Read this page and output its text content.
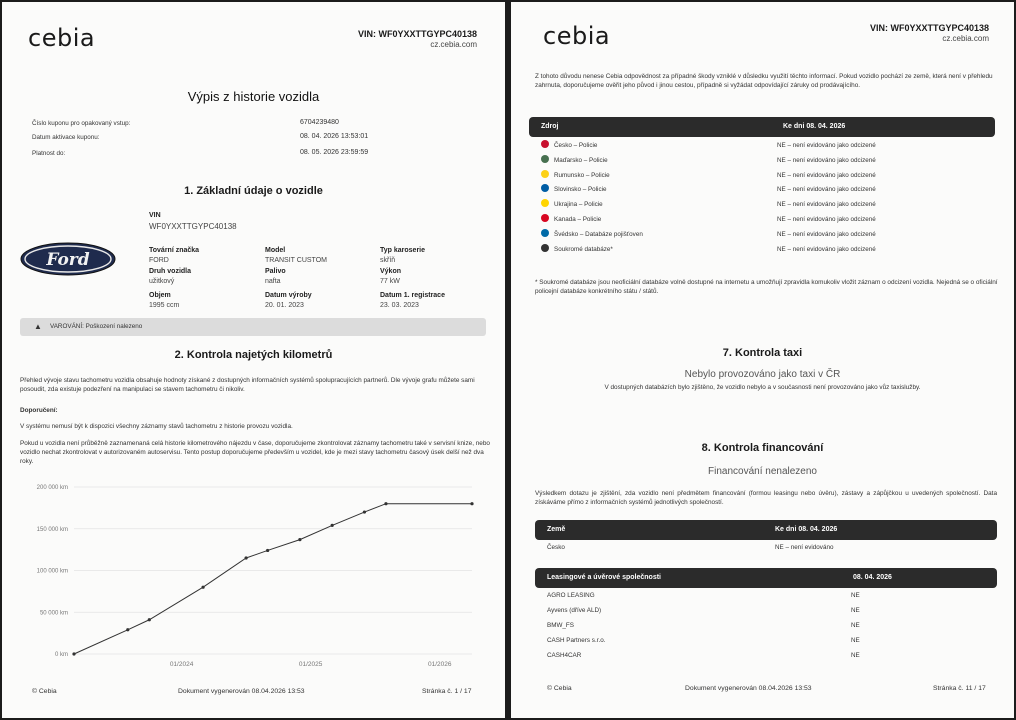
cebia	VIN: WF0YXXTTGYPC40138
cz.cebia.com
Výpis z historie vozidla
Číslo kuponu pro opakovaný vstup:	6704239480
Datum aktivace kuponu:	08. 04. 2026 13:53:01
Platnost do:	08. 05. 2026 23:59:59
1. Základní údaje o vozidle
VIN
WF0YXXTTGYPC40138
Ford	Tovární značka
FORD
Model
TRANSIT CUSTOM
Typ karoserie
skříň
Druh vozidla
užitkový
Palivo
nafta
Výkon
77 kW
Objem
1995 ccm
Datum výroby
20. 01. 2023
Datum 1. registrace
23. 03. 2023
▲ VAROVÁNÍ: Poškození nalezeno
2. Kontrola najetých kilometrů
Přehled vývoje stavu tachometru vozidla obsahuje hodnoty získané z dostupných informačních systémů spolupracujících partnerů. Dle vývoje grafu můžete sami posoudit, zda existuje podezření na manipulaci se stavem tachometru či nikoliv.
Doporučení:
V systému nemusí být k dispozici všechny záznamy stavů tachometru z historie provozu vozidla.
Pokud u vozidla není průběžně zaznamenaná celá historie kilometrového nájezdu v čase, doporučujeme zkontrolovat záznamy tachometru také v servisní knize, nebo vozidlo nechat zkontrolovat v autorizovaném autoservisu. Tento postup doporučujeme především u vozidel, kde je mezi stavy tachometru časový úsek delší než dva roky.
200 000 km
150 000 km
100 000 km
50 000 km
0 km
01/2024	01/2025	01/2026
© Cebia	Dokument vygenerován 08.04.2026 13:53	Stránka č. 1 / 17
cebia	VIN: WF0YXXTTGYPC40138
cz.cebia.com
Z tohoto důvodu nenese Cebia odpovědnost za případné škody vzniklé v důsledku využití těchto informací. Pokud vozidlo pochází ze země, která není v přehledu zahrnuta, doporučujeme ověřit jeho původ i jinou cestou, případně si vyžádat odpovídající záruky od prodávajícího.
Zdroj	Ke dni 08. 04. 2026
Česko – Policie	NE – není evidováno jako odcizené
Maďarsko – Policie	NE – není evidováno jako odcizené
Rumunsko – Policie	NE – není evidováno jako odcizené
Slovinsko – Policie	NE – není evidováno jako odcizené
Ukrajina – Policie	NE – není evidováno jako odcizené
Kanada – Policie	NE – není evidováno jako odcizené
Švédsko – Databáze pojišťoven	NE – není evidováno jako odcizené
Soukromé databáze*	NE – není evidováno jako odcizené
* Soukromé databáze jsou neoficiální databáze volně dostupné na internetu a umožňují zpravidla komukoliv vložit záznam o odcizení vozidla. Nejedná se o oficiální policejní databáze konkrétního státu / států.
7. Kontrola taxi
Nebylo provozováno jako taxi v ČR
V dostupných databázích bylo zjištěno, že vozidlo nebylo a v současnosti není provozováno jako vůz taxislužby.
8. Kontrola financování
Financování nenalezeno
Výsledkem dotazu je zjištění, zda vozidlo není předmětem financování (formou leasingu nebo úvěru), zástavy a zápůjčkou u uvedených společností. Data získáváme přímo z informačních systémů jednotlivých společností.
Země	Ke dni 08. 04. 2026
Česko	NE – není evidováno
Leasingové a úvěrové společnosti	08. 04. 2026
AGRO LEASING	NE
Ayvens (dříve ALD)	NE
BMW_FS	NE
CASH Partners s.r.o.	NE
CASH4CAR	NE
© Cebia	Dokument vygenerován 08.04.2026 13:53	Stránka č. 11 / 17
